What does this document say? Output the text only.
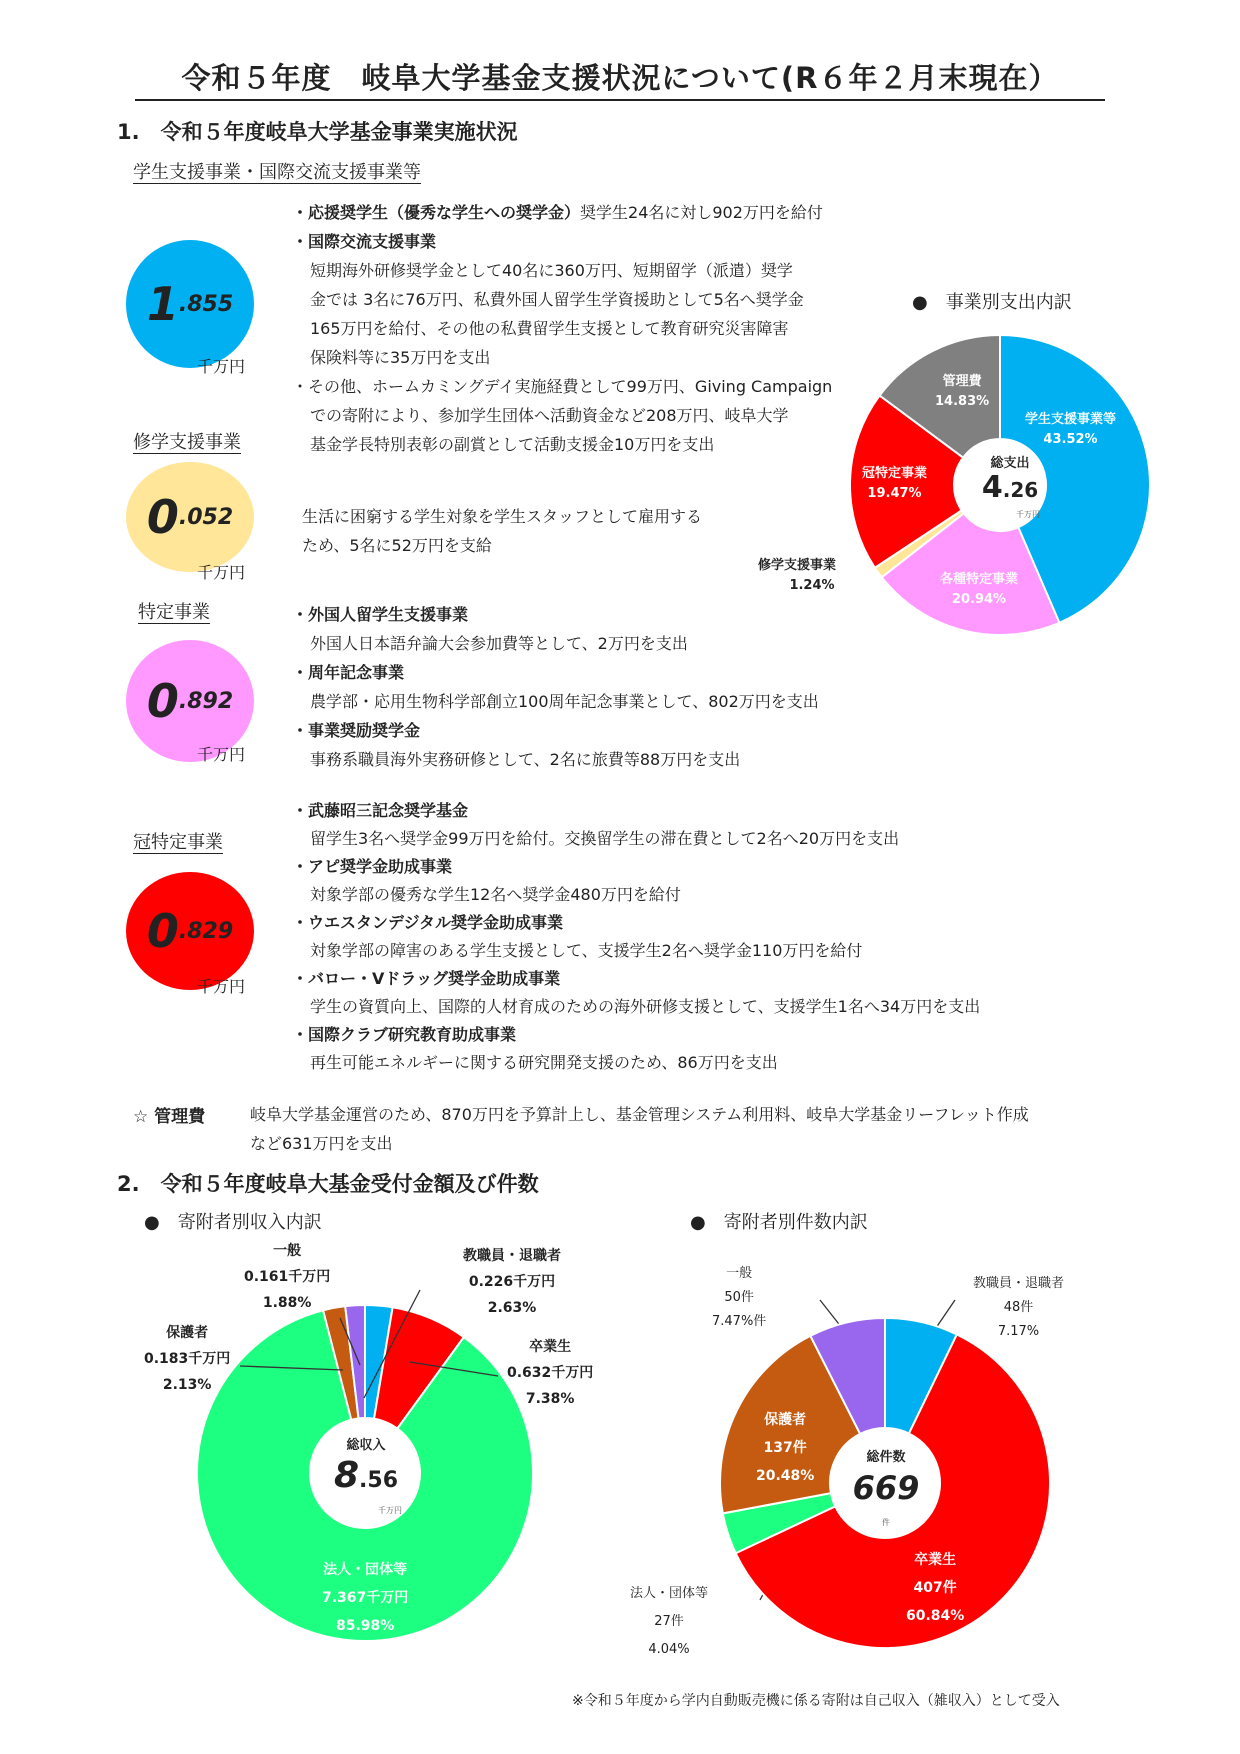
令和５年度　岐阜大学基金支援状況について(R６年２月末現在）
1.　令和５年度岐阜大学基金事業実施状況
学生支援事業・国際交流支援事業等
1 .855
千万円
・応援奨学生（優秀な学生への奨学金）奨学生24名に対し902万円を給付
・国際交流支援事業
短期海外研修奨学金として40名に360万円、短期留学（派遣）奨学
金では 3名に76万円、私費外国人留学生学資援助として5名へ奨学金
165万円を給付、その他の私費留学生支援として教育研究災害障害
保険料等に35万円を支出
・その他、ホームカミングデイ実施経費として99万円、Giving Campaign
での寄附により、参加学生団体へ活動資金など208万円、岐阜大学
基金学長特別表彰の副賞として活動支援金10万円を支出
修学支援事業
0 .052
千万円
生活に困窮する学生対象を学生スタッフとして雇用する
ため、5名に52万円を支給
特定事業
0 .892
千万円
・外国人留学生支援事業
外国人日本語弁論大会参加費等として、2万円を支出
・周年記念事業
農学部・応用生物科学部創立100周年記念事業として、802万円を支出
・事業奨励奨学金
事務系職員海外実務研修として、2名に旅費等88万円を支出
冠特定事業
0 .829
千万円
・武藤昭三記念奨学基金
留学生3名へ奨学金99万円を給付。交換留学生の滞在費として2名へ20万円を支出
・アピ奨学金助成事業
対象学部の優秀な学生12名へ奨学金480万円を給付
・ウエスタンデジタル奨学金助成事業
対象学部の障害のある学生支援として、支援学生2名へ奨学金110万円を給付
・バロー・Vドラッグ奨学金助成事業
学生の資質向上、国際的人材育成のための海外研修支援として、支援学生1名へ34万円を支出
・国際クラブ研究教育助成事業
再生可能エネルギーに関する研究開発支援のため、86万円を支出
☆ 管理費	岐阜大学基金運営のため、870万円を予算計上し、基金管理システム利用料、岐阜大学基金リーフレット作成
など631万円を支出
●　事業別支出内訳
学生支援事業等
43.52%
各種特定事業
20.94%
修学支援事業
1.24%
冠特定事業
19.47%
管理費
14.83%
総支出
4.26
千万円
2.　令和５年度岐阜大基金受付金額及び件数
●　寄附者別収入内訳	●　寄附者別件数内訳
一般
0.161千万円
1.88%
教職員・退職者
0.226千万円
2.63%
保護者
0.183千万円
2.13%
卒業生
0.632千万円
7.38%
法人・団体等
7.367千万円
85.98%
総収入
8.56
千万円
一般
50件
7.47%件
教職員・退職者
48件
7.17%
保護者
137件
20.48%
卒業生
407件
60.84%
法人・団体等
27件
4.04%
総件数
669
件
※令和５年度から学内自動販売機に係る寄附は自己収入（雑収入）として受入
